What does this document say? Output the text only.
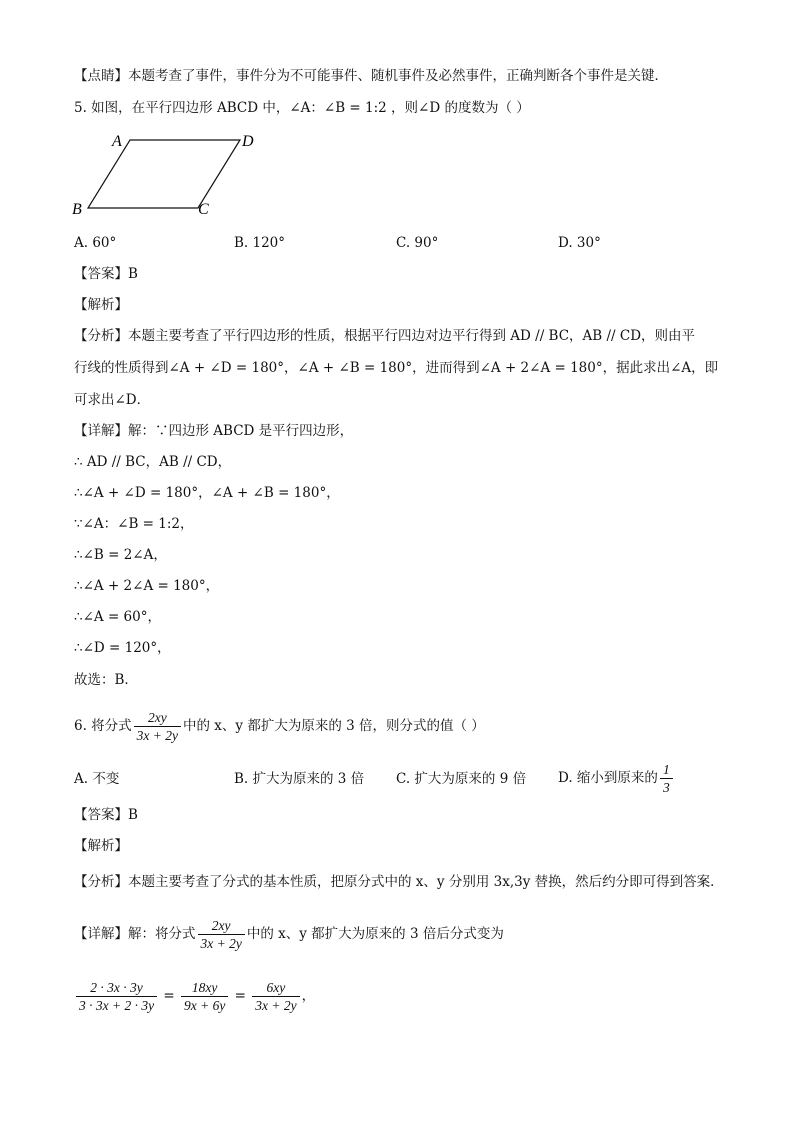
【点睛】本题考查了事件，事件分为不可能事件、随机事件及必然事件，正确判断各个事件是关键．
5. 如图，在平行四边形 ABCD 中，∠A：∠B = 1:2 ，则∠D 的度数为（ ）
A	D
B	C
A. 60°	B. 120°	C. 90°	D. 30°
【答案】B
【解析】
【分析】本题主要考查了平行四边形的性质，根据平行四边对边平行得到 AD // BC，AB // CD，则由平
行线的性质得到∠A + ∠D = 180°，∠A + ∠B = 180°，进而得到∠A + 2∠A = 180°，据此求出∠A，即
可求出∠D．
【详解】解：∵四边形 ABCD 是平行四边形，
∴ AD // BC，AB // CD，
∴∠A + ∠D = 180°，∠A + ∠B = 180°，
∵∠A：∠B = 1:2，
∴∠B = 2∠A，
∴∠A + 2∠A = 180°，
∴∠A = 60°，
∴∠D = 120°，
故选：B．
6. 将分式 $\frac{2xy}{3x + 2y}$ 中的 x、y 都扩大为原来的 3 倍，则分式的值（ ）
A. 不变	B. 扩大为原来的 3 倍 C. 扩大为原来的 9 倍 D. 缩小到原来的 $\frac{1}{3}$
【答案】B
【解析】
【分析】本题主要考查了分式的基本性质，把原分式中的 x、y 分别用 3x,3y 替换，然后约分即可得到答案．
【详解】解：将分式 $\frac{2xy}{3x + 2y}$ 中的 x、y 都扩大为原来的 3 倍后分式变为
$\frac{2 \cdot 3x \cdot 3y}{3 \cdot 3x + 2 \cdot 3y} = \frac{18xy}{9x + 6y} = \frac{6xy}{3x + 2y}$ ，
